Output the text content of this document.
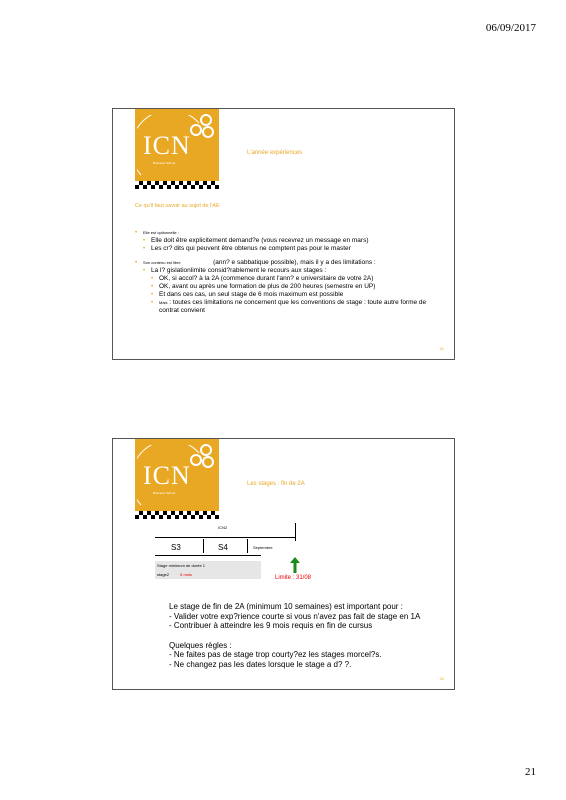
06/09/2017
ICN
Business School
L'année expériences
Ce qu'il faut savoir au sujet de l'AE
• Elle est optionnelle :
• Elle doit être explicitement demand?e (vous recevrez un message en mars)
• Les cr? dits qui peuvent être obtenus ne comptent pas pour le master
• Son contenu est libre	(ann? e sabbatique possible), mais il y a des limitations :
• La l? gislationlimite consid?rablement le recours aux stages :
• OK, si accol? à la 2A (commence durant l'ann? e universitaire de votre 2A)
• OK, avant ou après une formation de plus de 200 heures (semestre en UP)
• Et dans ces cas, un seul stage de 6 mois maximum est possible
• Mais : toutes ces limitations ne concernent que les conventions de stage : toute autre forme de contrat convient
41
ICN
Business School
Les stages : fin de 2A
ICN2
S3	S4	Septembre
Stage minimum de durée 1
stage2	6 mois
Limite : 31/08
Le stage de fin de 2A (minimum 10 semaines) est important pour :
- Valider votre exp?rience courte si vous n'avez pas fait de stage en 1A
- Contribuer à atteindre les 9 mois requis en fin de cursus
Quelques règles :
- Ne faites pas de stage trop courty?ez les stages morcel?s.
- Ne changez pas les dates lorsque le stage a d? ?.
42
21
